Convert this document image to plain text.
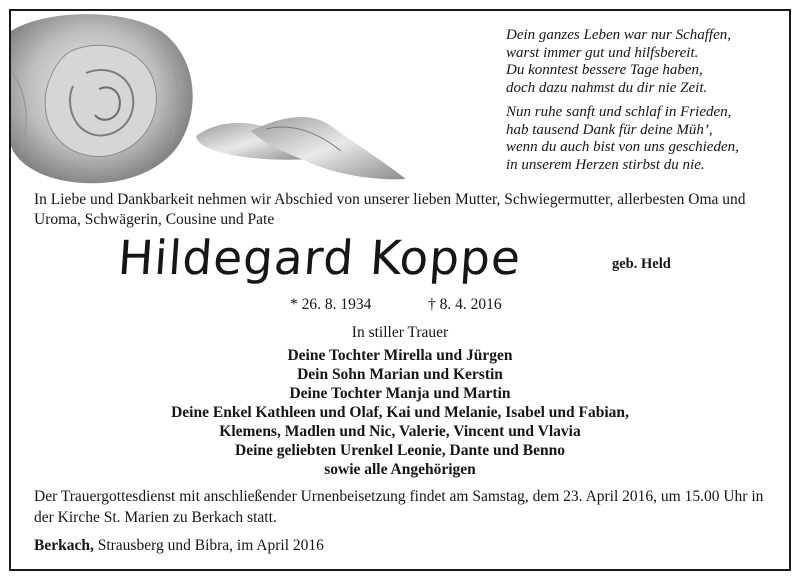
Dein ganzes Leben war nur Schaffen,
warst immer gut und hilfsbereit.
Du konntest bessere Tage haben,
doch dazu nahmst du dir nie Zeit.
Nun ruhe sanft und schlaf in Frieden,
hab tausend Dank für deine Müh’,
wenn du auch bist von uns geschieden,
in unserem Herzen stirbst du nie.
In Liebe und Dankbarkeit nehmen wir Abschied von unserer lieben Mutter, Schwiegermutter, allerbesten Oma und Uroma, Schwägerin, Cousine und Pate
Hildegard Koppe	geb. Held
* 26. 8. 1934	† 8. 4. 2016
In stiller Trauer
Deine Tochter Mirella und Jürgen
Dein Sohn Marian und Kerstin
Deine Tochter Manja und Martin
Deine Enkel Kathleen und Olaf, Kai und Melanie, Isabel und Fabian,
Klemens, Madlen und Nic, Valerie, Vincent und Vlavia
Deine geliebten Urenkel Leonie, Dante und Benno
sowie alle Angehörigen
Der Trauergottesdienst mit anschließender Urnenbeisetzung findet am Samstag, dem 23. April 2016, um 15.00 Uhr in der Kirche St. Marien zu Berkach statt.
Berkach, Strausberg und Bibra, im April 2016
